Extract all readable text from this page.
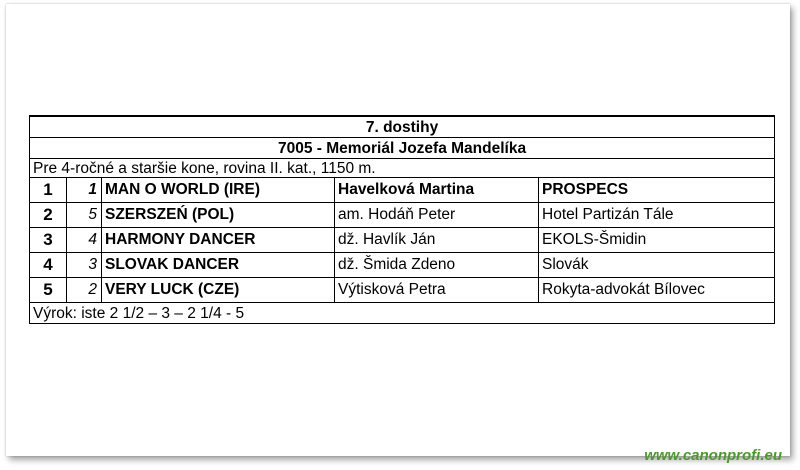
7. dostihy				
7005 - Memoriál Jozefa Mandelíka				
Pre 4-ročné a staršie kone, rovina II. kat., 1150 m.				
1	1	MAN O WORLD (IRE)	Havelková Martina	PROSPECS
2	5	SZERSZEŃ (POL)	am. Hodáň Peter	Hotel Partizán Tále
3	4	HARMONY DANCER	dž. Havlík Ján	EKOLS-Šmidin
4	3	SLOVAK DANCER	dž. Šmida Zdeno	Slovák
5	2	VERY LUCK (CZE)	Výtisková Petra	Rokyta-advokát Bílovec
Výrok: iste 2 1/2 – 3 – 2 1/4 - 5				
www.canonprofi.eu
